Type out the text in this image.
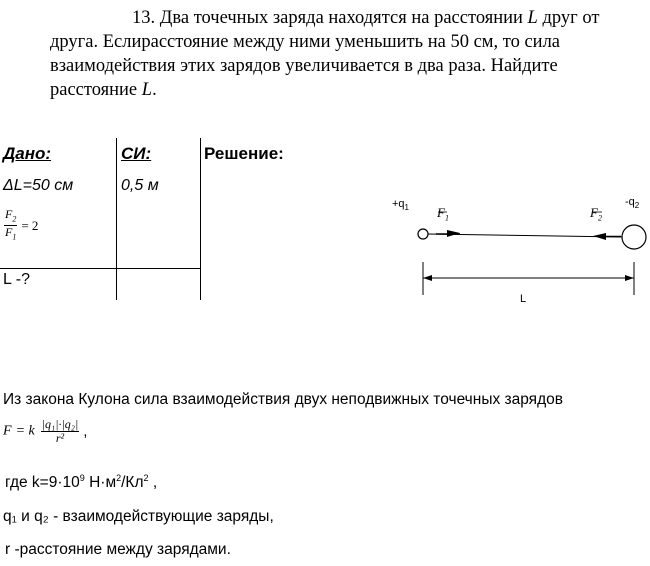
13. Два точечных заряда находятся на расстоянии L друг от
друга. Еслирасстояние между ними уменьшить на 50 см, то сила
взаимодействия этих зарядов увеличивается в два раза. Найдите
расстояние L.
Дано:	СИ:	Решение:
ΔL=50 см	0,5 м
$\frac{F_2}{F_1} = 2$
L -?
$+q_1$	$-q_2$
$F_1$	$F_2$
L
Из закона Кулона сила взаимодействия двух неподвижных точечных зарядов
F = k $\frac{\text{|q₁|·|q₂|}}{\text{r²}}$ ,
где $k=9\cdot 10^9$ $Н\cdot м^2/Кл^2$ ,
q₁ и q₂ - взаимодействующие заряды,
r -расстояние между зарядами.
